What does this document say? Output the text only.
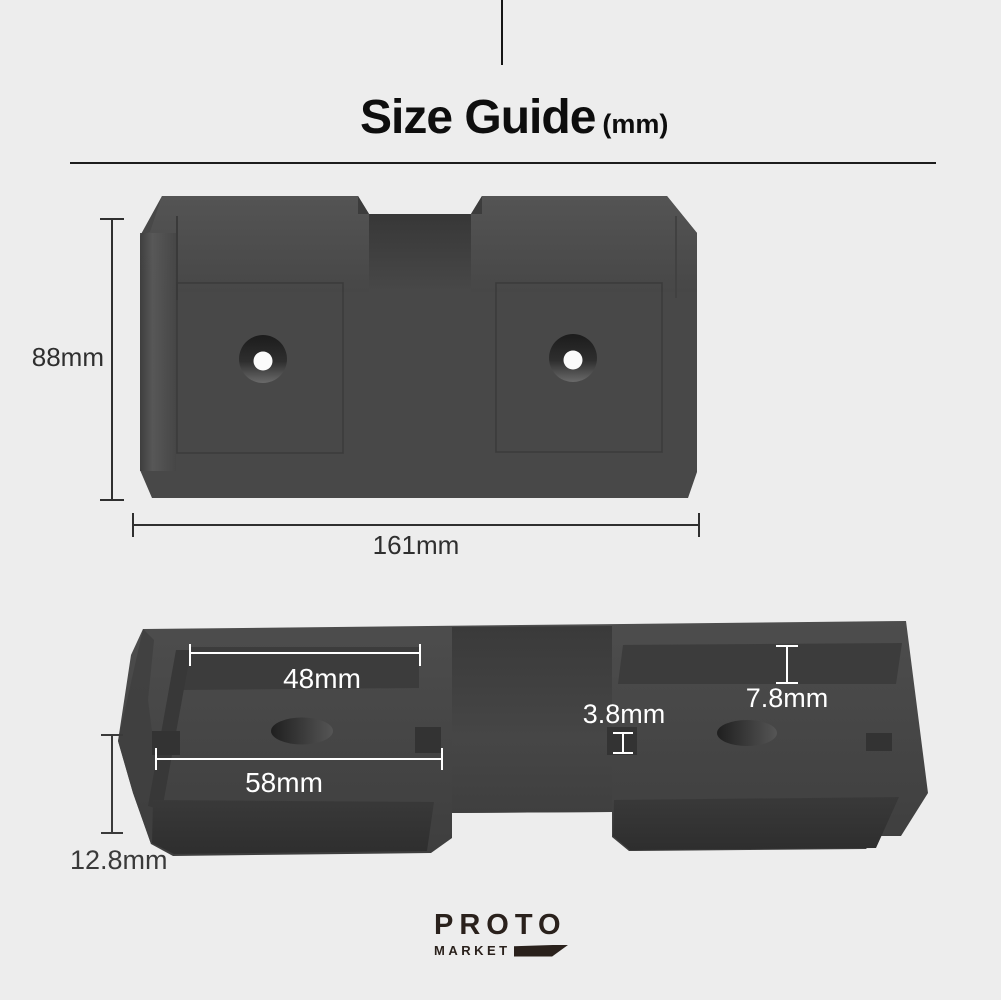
Size Guide (mm)
88mm
161mm
48mm
58mm
7.8mm
3.8mm
12.8mm
PROTO
MARKET
